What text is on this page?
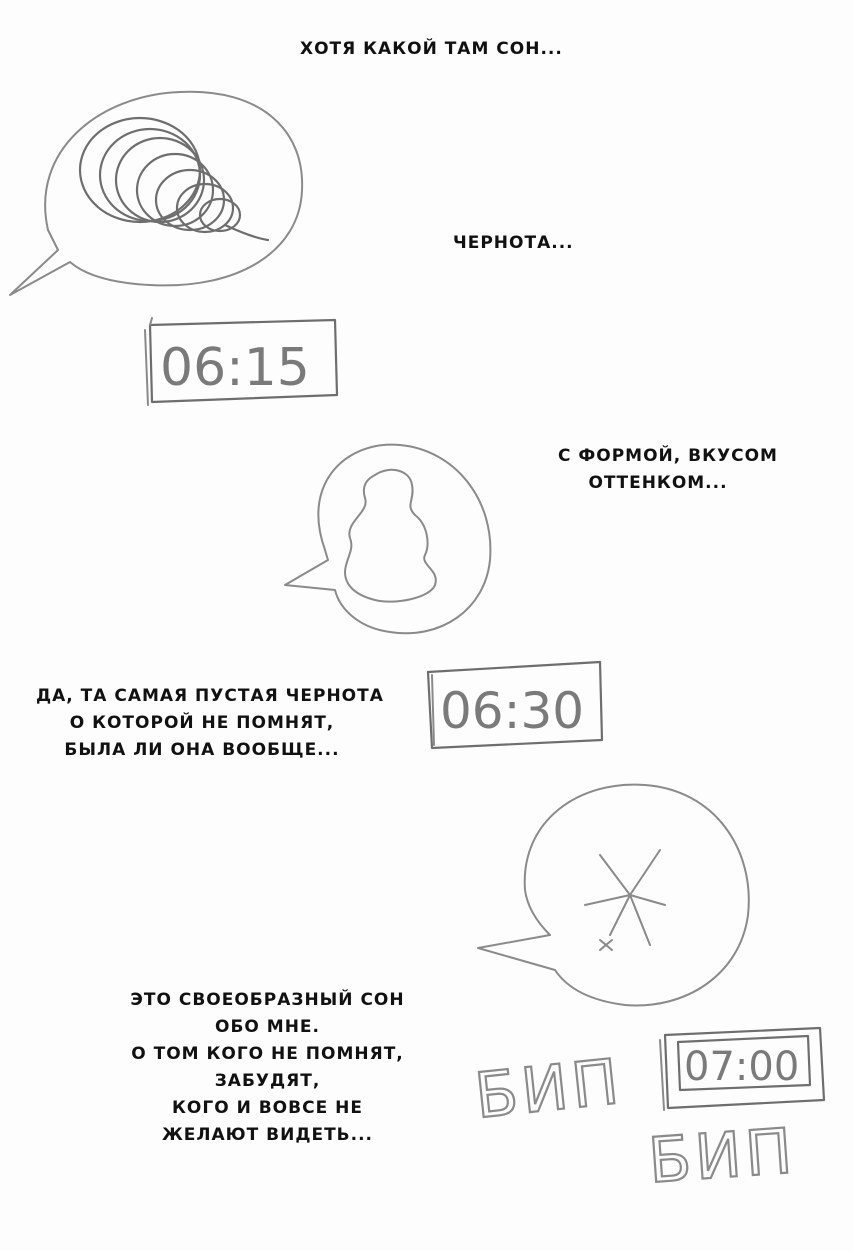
06:15
06:30
07:00
БИП
БИП
ХОТЯ КАКОЙ ТАМ СОН...
ЧЕРНОТА...
С ФОРМОЙ, ВКУСОМ
ОТТЕНКОМ...
ДА, ТА САМАЯ ПУСТАЯ ЧЕРНОТА
О КОТОРОЙ НЕ ПОМНЯТ,
БЫЛА ЛИ ОНА ВООБЩЕ...
ЭТО СВОЕОБРАЗНЫЙ СОН
ОБО МНЕ.
О ТОМ КОГО НЕ ПОМНЯТ,
ЗАБУДЯТ,
КОГО И ВОВСЕ НЕ
ЖЕЛАЮТ ВИДЕТЬ...
